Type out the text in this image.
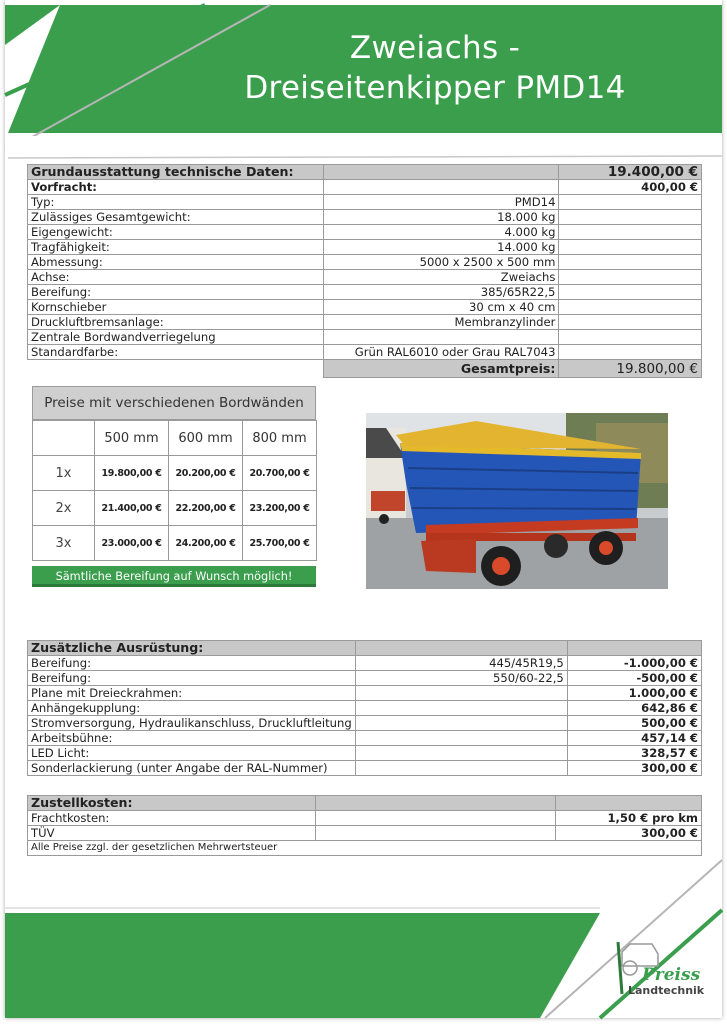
Zweiachs -
Dreiseitenkipper PMD14
Grundausstattung technische Daten:		19.400,00 €
Vorfracht:		400,00 €
Typ:	PMD14	
Zulässiges Gesamtgewicht:	18.000 kg	
Eigengewicht:	4.000 kg	
Tragfähigkeit:	14.000 kg	
Abmessung:	5000 x 2500 x 500 mm	
Achse:	Zweiachs	
Bereifung:	385/65R22,5	
Kornschieber	30 cm x 40 cm	
Druckluftbremsanlage:	Membranzylinder	
Zentrale Bordwandverriegelung		
Standardfarbe:	Grün RAL6010 oder Grau RAL7043	
	Gesamtpreis:	19.800,00 €
Preise mit verschiedenen Bordwänden
	500 mm	600 mm	800 mm
1x	19.800,00 €	20.200,00 €	20.700,00 €
2x	21.400,00 €	22.200,00 €	23.200,00 €
3x	23.000,00 €	24.200,00 €	25.700,00 €
Sämtliche Bereifung auf Wunsch möglich!
Zusätzliche Ausrüstung:		
Bereifung:	445/45R19,5	-1.000,00 €
Bereifung:	550/60-22,5	-500,00 €
Plane mit Dreieckrahmen:		1.000,00 €
Anhängekupplung:		642,86 €
Stromversorgung, Hydraulikanschluss, Druckluftleitung		500,00 €
Arbeitsbühne:		457,14 €
LED Licht:		328,57 €
Sonderlackierung (unter Angabe der RAL-Nummer)		300,00 €
Zustellkosten:		
Frachtkosten:		1,50 € pro km
TÜV		300,00 €
Alle Preise zzgl. der gesetzlichen Mehrwertsteuer		
Preiss
Landtechnik
